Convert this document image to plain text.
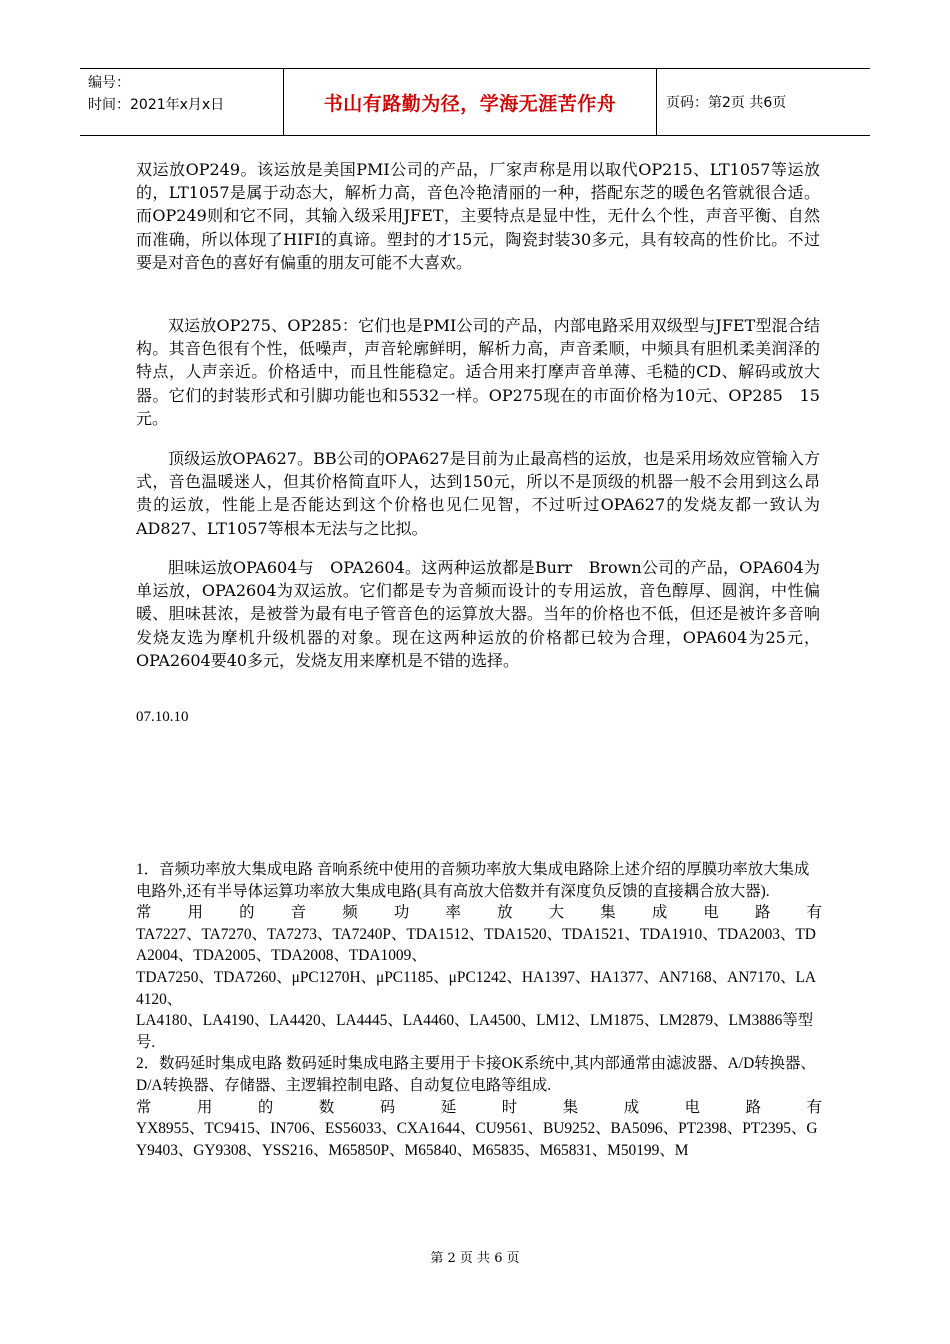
编号：
时间：2021年x月x日	书山有路勤为径，学海无涯苦作舟	页码：第2页 共6页

双运放OP249。该运放是美国PMI公司的产品，厂家声称是用以取代OP215、LT1057等运放的，LT1057是属于动态大，解析力高，音色冷艳清丽的一种，搭配东芝的暖色名管就很合适。而OP249则和它不同，其输入级采用JFET，主要特点是显中性，无什么个性，声音平衡、自然而准确，所以体现了HIFI的真谛。塑封的才15元，陶瓷封装30多元，具有较高的性价比。不过要是对音色的喜好有偏重的朋友可能不大喜欢。

双运放OP275、OP285：它们也是PMI公司的产品，内部电路采用双级型与JFET型混合结构。其音色很有个性，低噪声，声音轮廓鲜明，解析力高，声音柔顺，中频具有胆机柔美润泽的特点，人声亲近。价格适中，而且性能稳定。适合用来打摩声音单薄、毛糙的CD、解码或放大器。它们的封装形式和引脚功能也和5532一样。OP275现在的市面价格为10元、OP285　15元。

顶级运放OPA627。BB公司的OPA627是目前为止最高档的运放，也是采用场效应管输入方式，音色温暖迷人，但其价格简直吓人，达到150元，所以不是顶级的机器一般不会用到这么昂贵的运放，性能上是否能达到这个价格也见仁见智，不过听过OPA627的发烧友都一致认为AD827、LT1057等根本无法与之比拟。

胆味运放OPA604与　OPA2604。这两种运放都是Burr　Brown公司的产品，OPA604为单运放，OPA2604为双运放。它们都是专为音频而设计的专用运放，音色醇厚、圆润，中性偏暖、胆味甚浓，是被誉为最有电子管音色的运算放大器。当年的价格也不低，但还是被许多音响发烧友选为摩机升级机器的对象。现在这两种运放的价格都已较为合理，OPA604为25元，OPA2604要40多元，发烧友用来摩机是不错的选择。

07.10.10

1．音频功率放大集成电路 音响系统中使用的音频功率放大集成电路除上述介绍的厚膜功率放大集成电路外,还有半导体运算功率放大集成电路(具有高放大倍数并有深度负反馈的直接耦合放大器).

常用的音频功率放大集成电路有

TA7227、TA7270、TA7273、TA7240P、TDA1512、TDA1520、TDA1521、TDA1910、TDA2003、TDA2004、TDA2005、TDA2008、TDA1009、

TDA7250、TDA7260、μPC1270H、μPC1185、μPC1242、HA1397、HA1377、AN7168、AN7170、LA4120、

LA4180、LA4190、LA4420、LA4445、LA4460、LA4500、LM12、LM1875、LM2879、LM3886等型号.

2．数码延时集成电路 数码延时集成电路主要用于卡接OK系统中,其内部通常由滤波器、A/D转换器、D/A转换器、存储器、主逻辑控制电路、自动复位电路等组成.

常用的数码延时集成电路有

YX8955、TC9415、IN706、ES56033、CXA1644、CU9561、BU9252、BA5096、PT2398、PT2395、GY9403、GY9308、YSS216、M65850P、M65840、M65835、M65831、M50199、M

第 2 页 共 6 页
